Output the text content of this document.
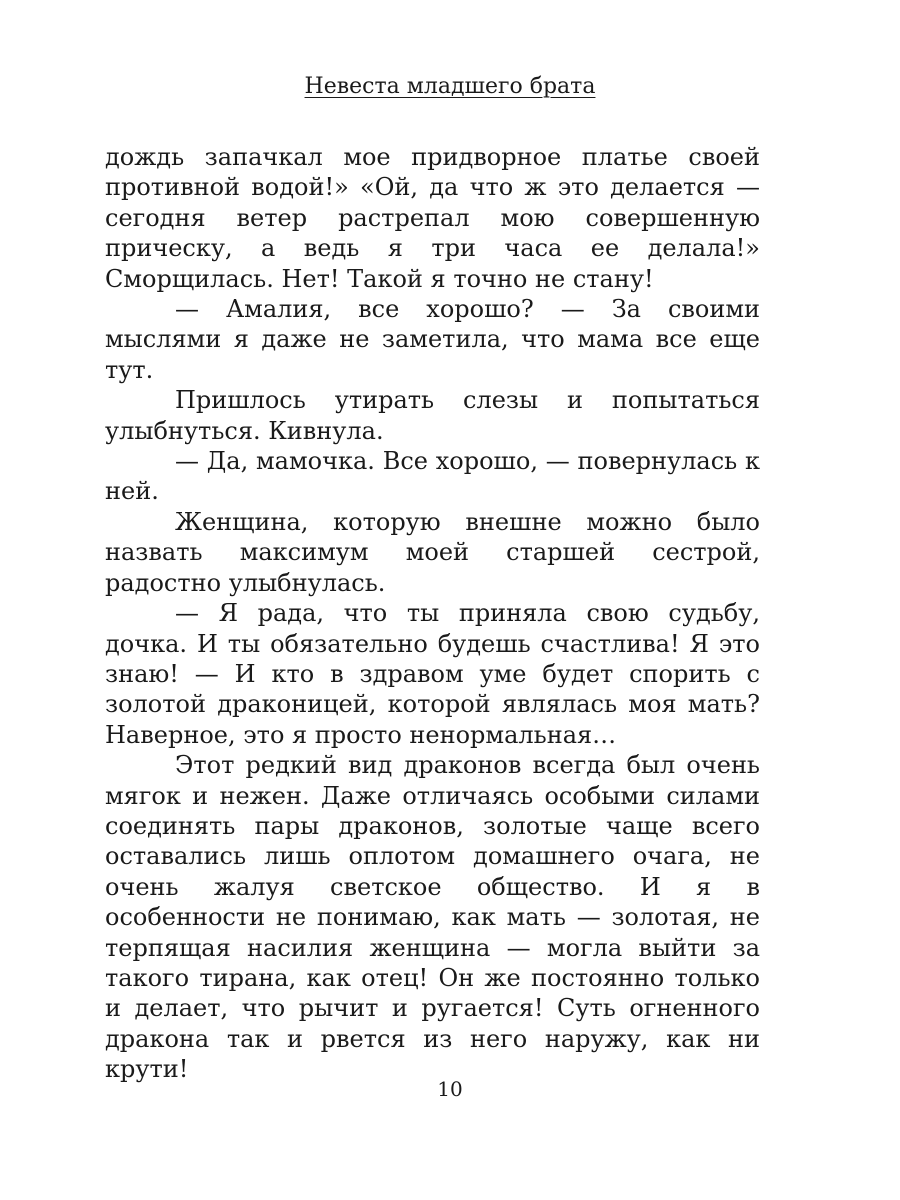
Невеста младшего брата

дождь запачкал мое придворное платье своей противной водой!» «Ой, да что ж это делается — сегодня ветер растрепал мою совершенную прическу, а ведь я три часа ее делала!» Сморщилась. Нет! Такой я точно не стану!

— Амалия, все хорошо? — За своими мыслями я даже не заметила, что мама все еще тут.

Пришлось утирать слезы и попытаться улыбнуться. Кивнула.

— Да, мамочка. Все хорошо, — повернулась к ней.

Женщина, которую внешне можно было назвать максимум моей старшей сестрой, радостно улыбнулась.

— Я рада, что ты приняла свою судьбу, дочка. И ты обязательно будешь счастлива! Я это знаю! — И кто в здравом уме будет спорить с золотой драконицей, которой являлась моя мать? Наверное, это я просто ненормальная…

Этот редкий вид драконов всегда был очень мягок и нежен. Даже отличаясь особыми силами соединять пары драконов, золотые чаще всего оставались лишь оплотом домашнего очага, не очень жалуя светское общество. И я в особенности не понимаю, как мать — золотая, не терпящая насилия женщина — могла выйти за такого тирана, как отец! Он же постоянно только и делает, что рычит и ругается! Суть огненного дракона так и рвется из него наружу, как ни крути!

10
